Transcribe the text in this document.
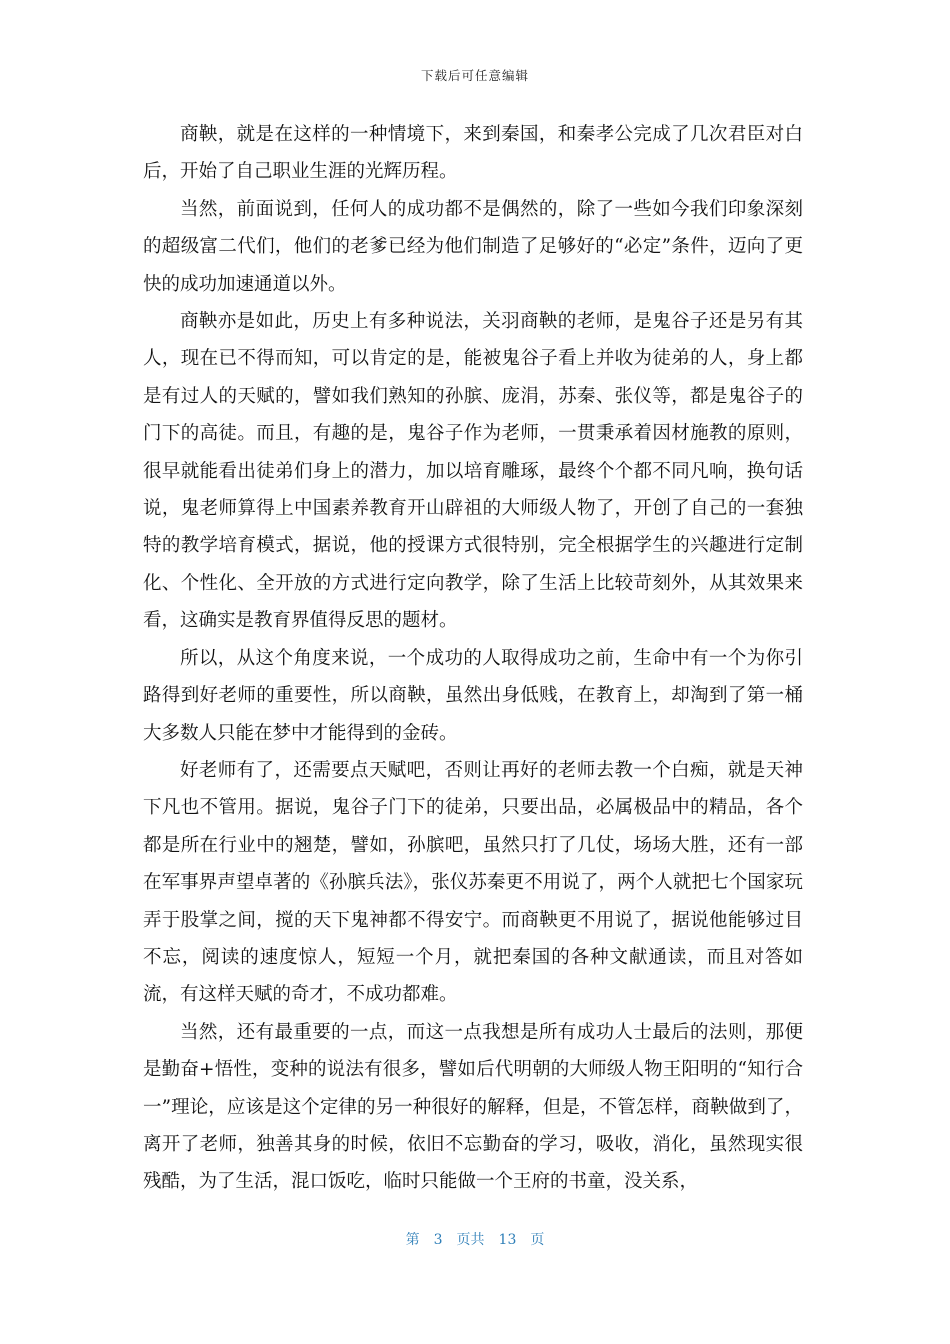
下载后可任意编辑

商鞅，就是在这样的一种情境下，来到秦国，和秦孝公完成了几次君臣对白后，开始了自己职业生涯的光辉历程。

当然，前面说到，任何人的成功都不是偶然的，除了一些如今我们印象深刻的超级富二代们，他们的老爹已经为他们制造了足够好的“必定”条件，迈向了更快的成功加速通道以外。

商鞅亦是如此，历史上有多种说法，关羽商鞅的老师，是鬼谷子还是另有其人，现在已不得而知，可以肯定的是，能被鬼谷子看上并收为徒弟的人，身上都是有过人的天赋的，譬如我们熟知的孙膑、庞涓，苏秦、张仪等，都是鬼谷子的门下的高徒。而且，有趣的是，鬼谷子作为老师，一贯秉承着因材施教的原则，很早就能看出徒弟们身上的潜力，加以培育雕琢，最终个个都不同凡响，换句话说，鬼老师算得上中国素养教育开山辟祖的大师级人物了，开创了自己的一套独特的教学培育模式，据说，他的授课方式很特别，完全根据学生的兴趣进行定制化、个性化、全开放的方式进行定向教学，除了生活上比较苛刻外，从其效果来看，这确实是教育界值得反思的题材。

所以，从这个角度来说，一个成功的人取得成功之前，生命中有一个为你引路得到好老师的重要性，所以商鞅，虽然出身低贱，在教育上，却淘到了第一桶大多数人只能在梦中才能得到的金砖。

好老师有了，还需要点天赋吧，否则让再好的老师去教一个白痴，就是天神下凡也不管用。据说，鬼谷子门下的徒弟，只要出品，必属极品中的精品，各个都是所在行业中的翘楚，譬如，孙膑吧，虽然只打了几仗，场场大胜，还有一部在军事界声望卓著的《孙膑兵法》，张仪苏秦更不用说了，两个人就把七个国家玩弄于股掌之间，搅的天下鬼神都不得安宁。而商鞅更不用说了，据说他能够过目不忘，阅读的速度惊人，短短一个月，就把秦国的各种文献通读，而且对答如流，有这样天赋的奇才，不成功都难。

当然，还有最重要的一点，而这一点我想是所有成功人士最后的法则，那便是勤奋+悟性，变种的说法有很多，譬如后代明朝的大师级人物王阳明的“知行合一”理论，应该是这个定律的另一种很好的解释，但是，不管怎样，商鞅做到了，离开了老师，独善其身的时候，依旧不忘勤奋的学习，吸收，消化，虽然现实很残酷，为了生活，混口饭吃，临时只能做一个王府的书童，没关系，

第 3 页共 13 页
